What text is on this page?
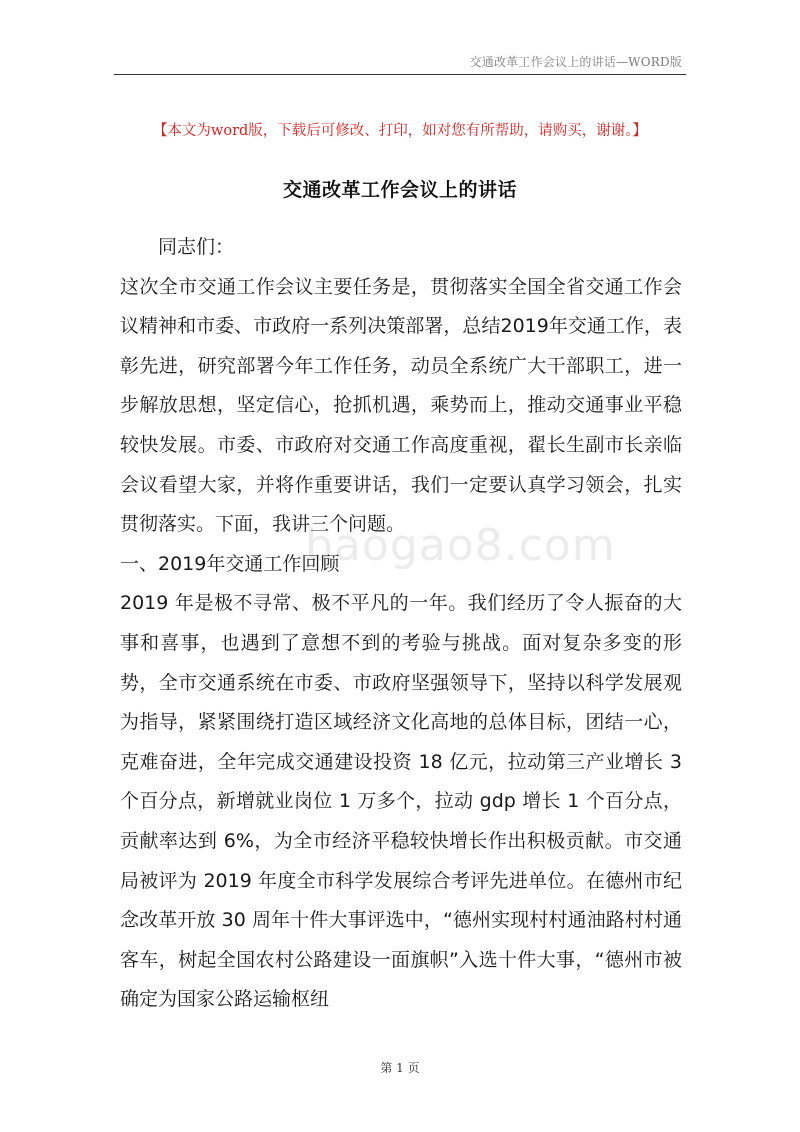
交通改革工作会议上的讲话—WORD版
【本文为word版，下载后可修改、打印，如对您有所帮助，请购买，谢谢。】
交通改革工作会议上的讲话
baogao8.com

同志们：

这次全市交通工作会议主要任务是，贯彻落实全国全省交通工作会议精神和市委、市政府一系列决策部署，总结2019年交通工作，表彰先进，研究部署今年工作任务，动员全系统广大干部职工，进一步解放思想，坚定信心，抢抓机遇，乘势而上，推动交通事业平稳较快发展。市委、市政府对交通工作高度重视，翟长生副市长亲临会议看望大家，并将作重要讲话，我们一定要认真学习领会，扎实贯彻落实。下面，我讲三个问题。

一、2019年交通工作回顾

2019 年是极不寻常、极不平凡的一年。我们经历了令人振奋的大事和喜事，也遇到了意想不到的考验与挑战。面对复杂多变的形势，全市交通系统在市委、市政府坚强领导下，坚持以科学发展观为指导，紧紧围绕打造区域经济文化高地的总体目标，团结一心，克难奋进，全年完成交通建设投资 18 亿元，拉动第三产业增长 3 个百分点，新增就业岗位 1 万多个，拉动 gdp 增长 1 个百分点，贡献率达到 6%，为全市经济平稳较快增长作出积极贡献。市交通局被评为 2019 年度全市科学发展综合考评先进单位。在德州市纪念改革开放 30 周年十件大事评选中，“德州实现村村通油路村村通客车，树起全国农村公路建设一面旗帜”入选十件大事，“德州市被确定为国家公路运输枢纽

第 1 页
